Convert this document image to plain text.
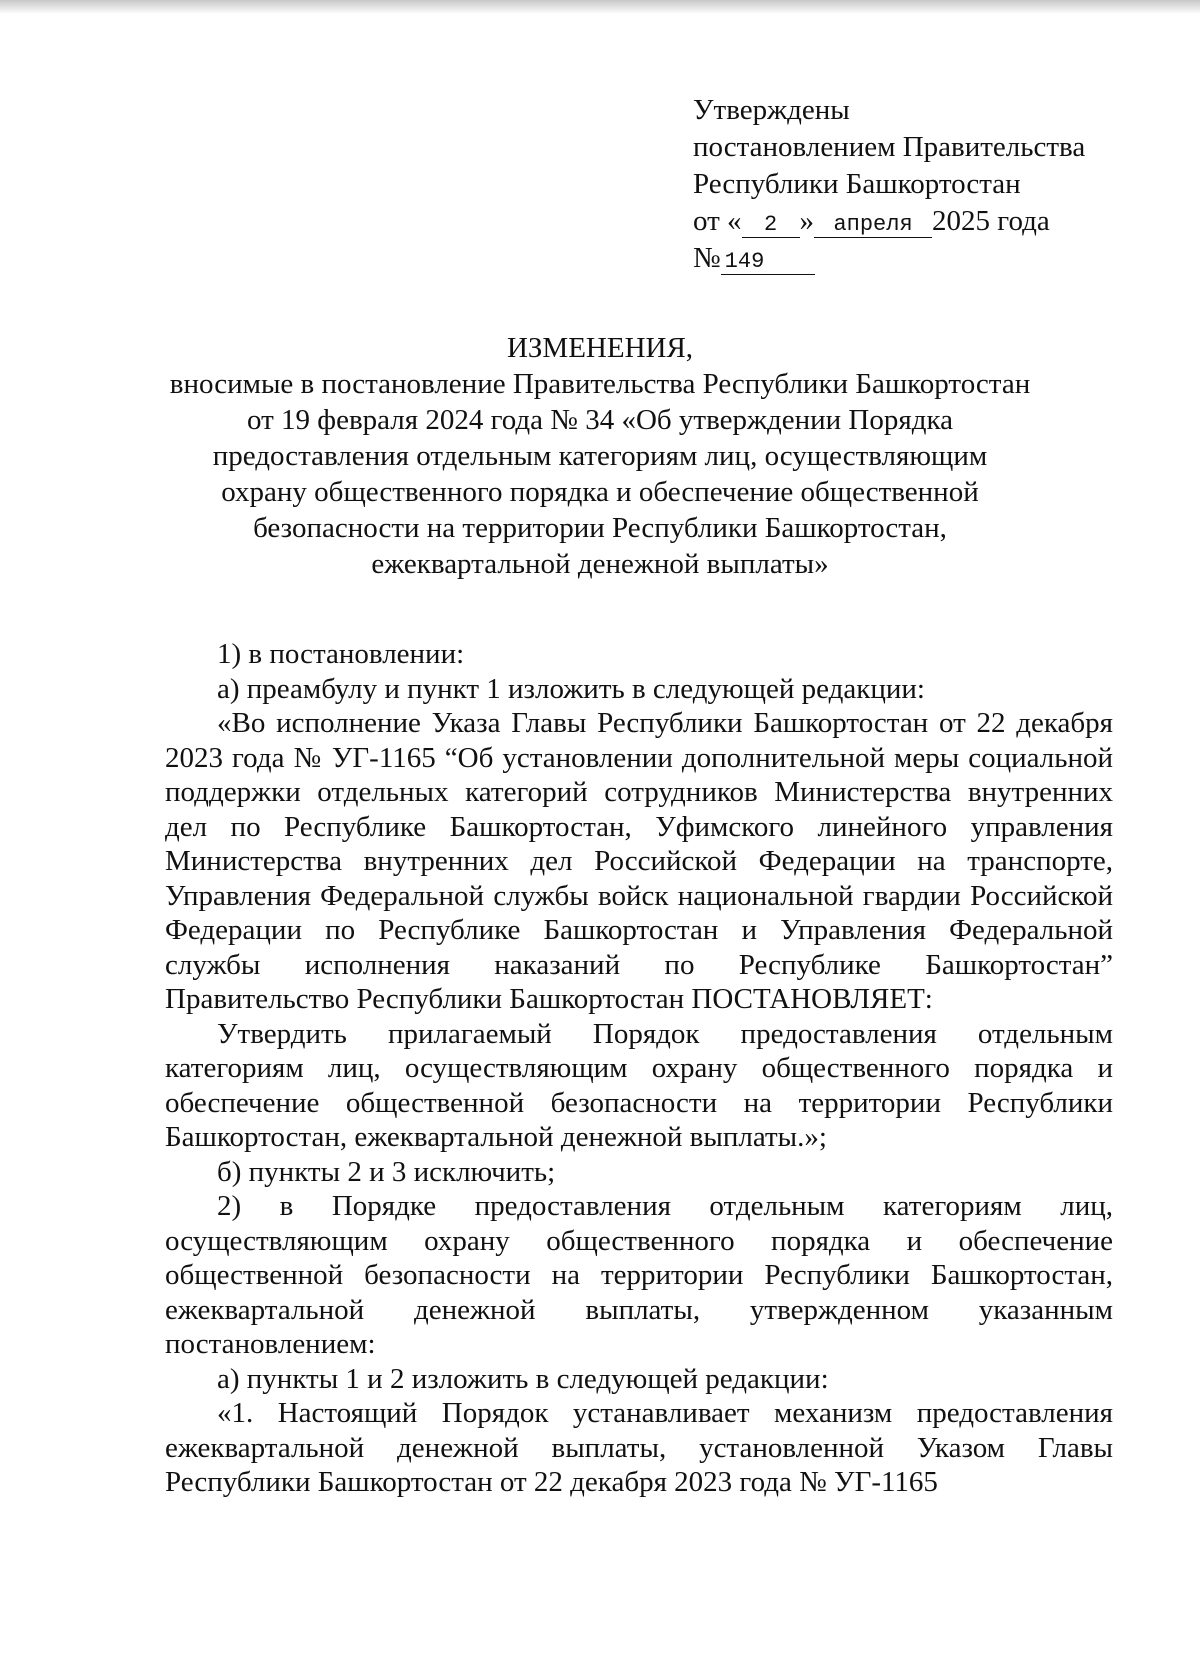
Утверждены
постановлением Правительства
Республики Башкортостан
от « 2 » апреля 2025 года
№ 149
ИЗМЕНЕНИЯ,
вносимые в постановление Правительства Республики Башкортостан
от 19 февраля 2024 года № 34 «Об утверждении Порядка
предоставления отдельным категориям лиц, осуществляющим
охрану общественного порядка и обеспечение общественной
безопасности на территории Республики Башкортостан,
ежеквартальной денежной выплаты»

1) в постановлении:

а) преамбулу и пункт 1 изложить в следующей редакции:

«Во исполнение Указа Главы Республики Башкортостан от 22 декабря 2023 года № УГ-1165 “Об установлении дополнительной меры социальной поддержки отдельных категорий сотрудников Министерства внутренних дел по Республике Башкортостан, Уфимского линейного управления Министерства внутренних дел Российской Федерации на транспорте, Управления Федеральной службы войск национальной гвардии Российской Федерации по Республике Башкортостан и Управления Федеральной службы исполнения наказаний по Республике Башкортостан” Правительство Республики Башкортостан ПОСТАНОВЛЯЕТ:

Утвердить прилагаемый Порядок предоставления отдельным категориям лиц, осуществляющим охрану общественного порядка и обеспечение общественной безопасности на территории Республики Башкортостан, ежеквартальной денежной выплаты.»;

б) пункты 2 и 3 исключить;

2) в Порядке предоставления отдельным категориям лиц, осуществляющим охрану общественного порядка и обеспечение общественной безопасности на территории Республики Башкортостан, ежеквартальной денежной выплаты, утвержденном указанным постановлением:

а) пункты 1 и 2 изложить в следующей редакции:

«1. Настоящий Порядок устанавливает механизм предоставления ежеквартальной денежной выплаты, установленной Указом Главы Республики Башкортостан от 22 декабря 2023 года № УГ-1165
